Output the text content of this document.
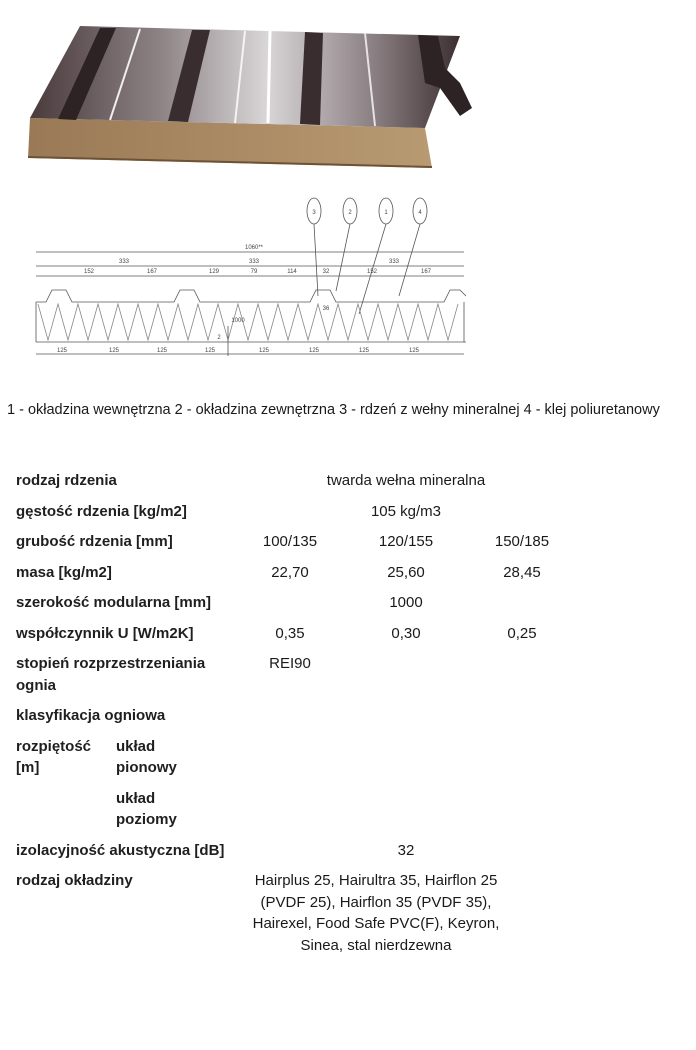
3	2	1	4
1060**
333	333	333
152	167	129	79	114	32	152	167
125	125	125	125	125	125	125	125
36
2
1000
1 - okładzina wewnętrzna 2 - okładzina zewnętrzna 3 - rdzeń z wełny mineralnej 4 - klej poliuretanowy
rodzaj rdzenia	twarda wełna mineralna

gęstość rdzenia [kg/m2]	105 kg/m3

grubość rdzenia [mm]	100/135	120/155	150/185

masa [kg/m2]	22,70	25,60	28,45

szerokość modularna [mm]	1000

współczynnik U [W/m2K]	0,35	0,30	0,25

stopień rozprzestrzeniania ognia	REI90		

klasyfikacja ogniowa

rozpiętość [m]	układ pionowy

	układ poziomy

izolacyjność akustyczna [dB]	32

rodzaj okładziny	Hairplus 25, Hairultra 35, Hairflon 25 (PVDF 25), Hairflon 35 (PVDF 35), Hairexel, Food Safe PVC(F), Keyron, Sinea, stal nierdzewna
